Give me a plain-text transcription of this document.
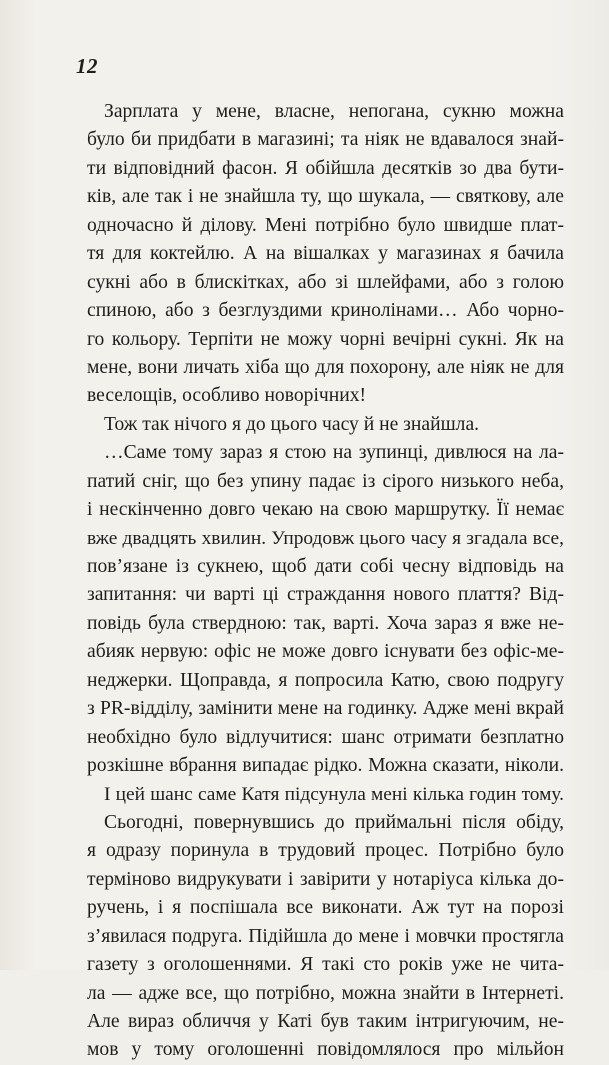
12
Зарплата у мене, власне, непогана, сукню можна
було би придбати в магазині; та ніяк не вдавалося знай-
ти відповідний фасон. Я обійшла десятків зо два бути-
ків, але так і не знайшла ту, що шукала, — святкову, але
одночасно й ділову. Мені потрібно було швидше плат-
тя для коктейлю. А на вішалках у магазинах я бачила
сукні або в блискітках, або зі шлейфами, або з голою
спиною, або з безглуздими кринолінами… Або чорно-
го кольору. Терпіти не можу чорні вечірні сукні. Як на
мене, вони личать хіба що для похорону, але ніяк не для
веселощів, особливо новорічних!
Тож так нічого я до цього часу й не знайшла.
…Саме тому зараз я стою на зупинці, дивлюся на ла-
патий сніг, що без упину падає із сірого низького неба,
і нескінченно довго чекаю на свою маршрутку. Її немає
вже двадцять хвилин. Упродовж цього часу я згадала все,
пов’язане із сукнею, щоб дати собі чесну відповідь на
запитання: чи варті ці страждання нового плаття? Від-
повідь була ствердною: так, варті. Хоча зараз я вже не-
абияк нервую: офіс не може довго існувати без офіс-ме-
неджерки. Щоправда, я попросила Катю, свою подругу
з PR-відділу, замінити мене на годинку. Адже мені вкрай
необхідно було відлучитися: шанс отримати безплатно
розкішне вбрання випадає рідко. Можна сказати, ніколи.
І цей шанс саме Катя підсунула мені кілька годин тому.
Сьогодні, повернувшись до приймальні після обіду,
я одразу поринула в трудовий процес. Потрібно було
терміново видрукувати і завірити у нотаріуса кілька до-
ручень, і я поспішала все виконати. Аж тут на порозі
з’явилася подруга. Підійшла до мене і мовчки простягла
газету з оголошеннями. Я такі сто років уже не чита-
ла — адже все, що потрібно, можна знайти в Інтернеті.
Але вираз обличчя у Каті був таким інтригуючим, не-
мов у тому оголошенні повідомлялося про мільйон
